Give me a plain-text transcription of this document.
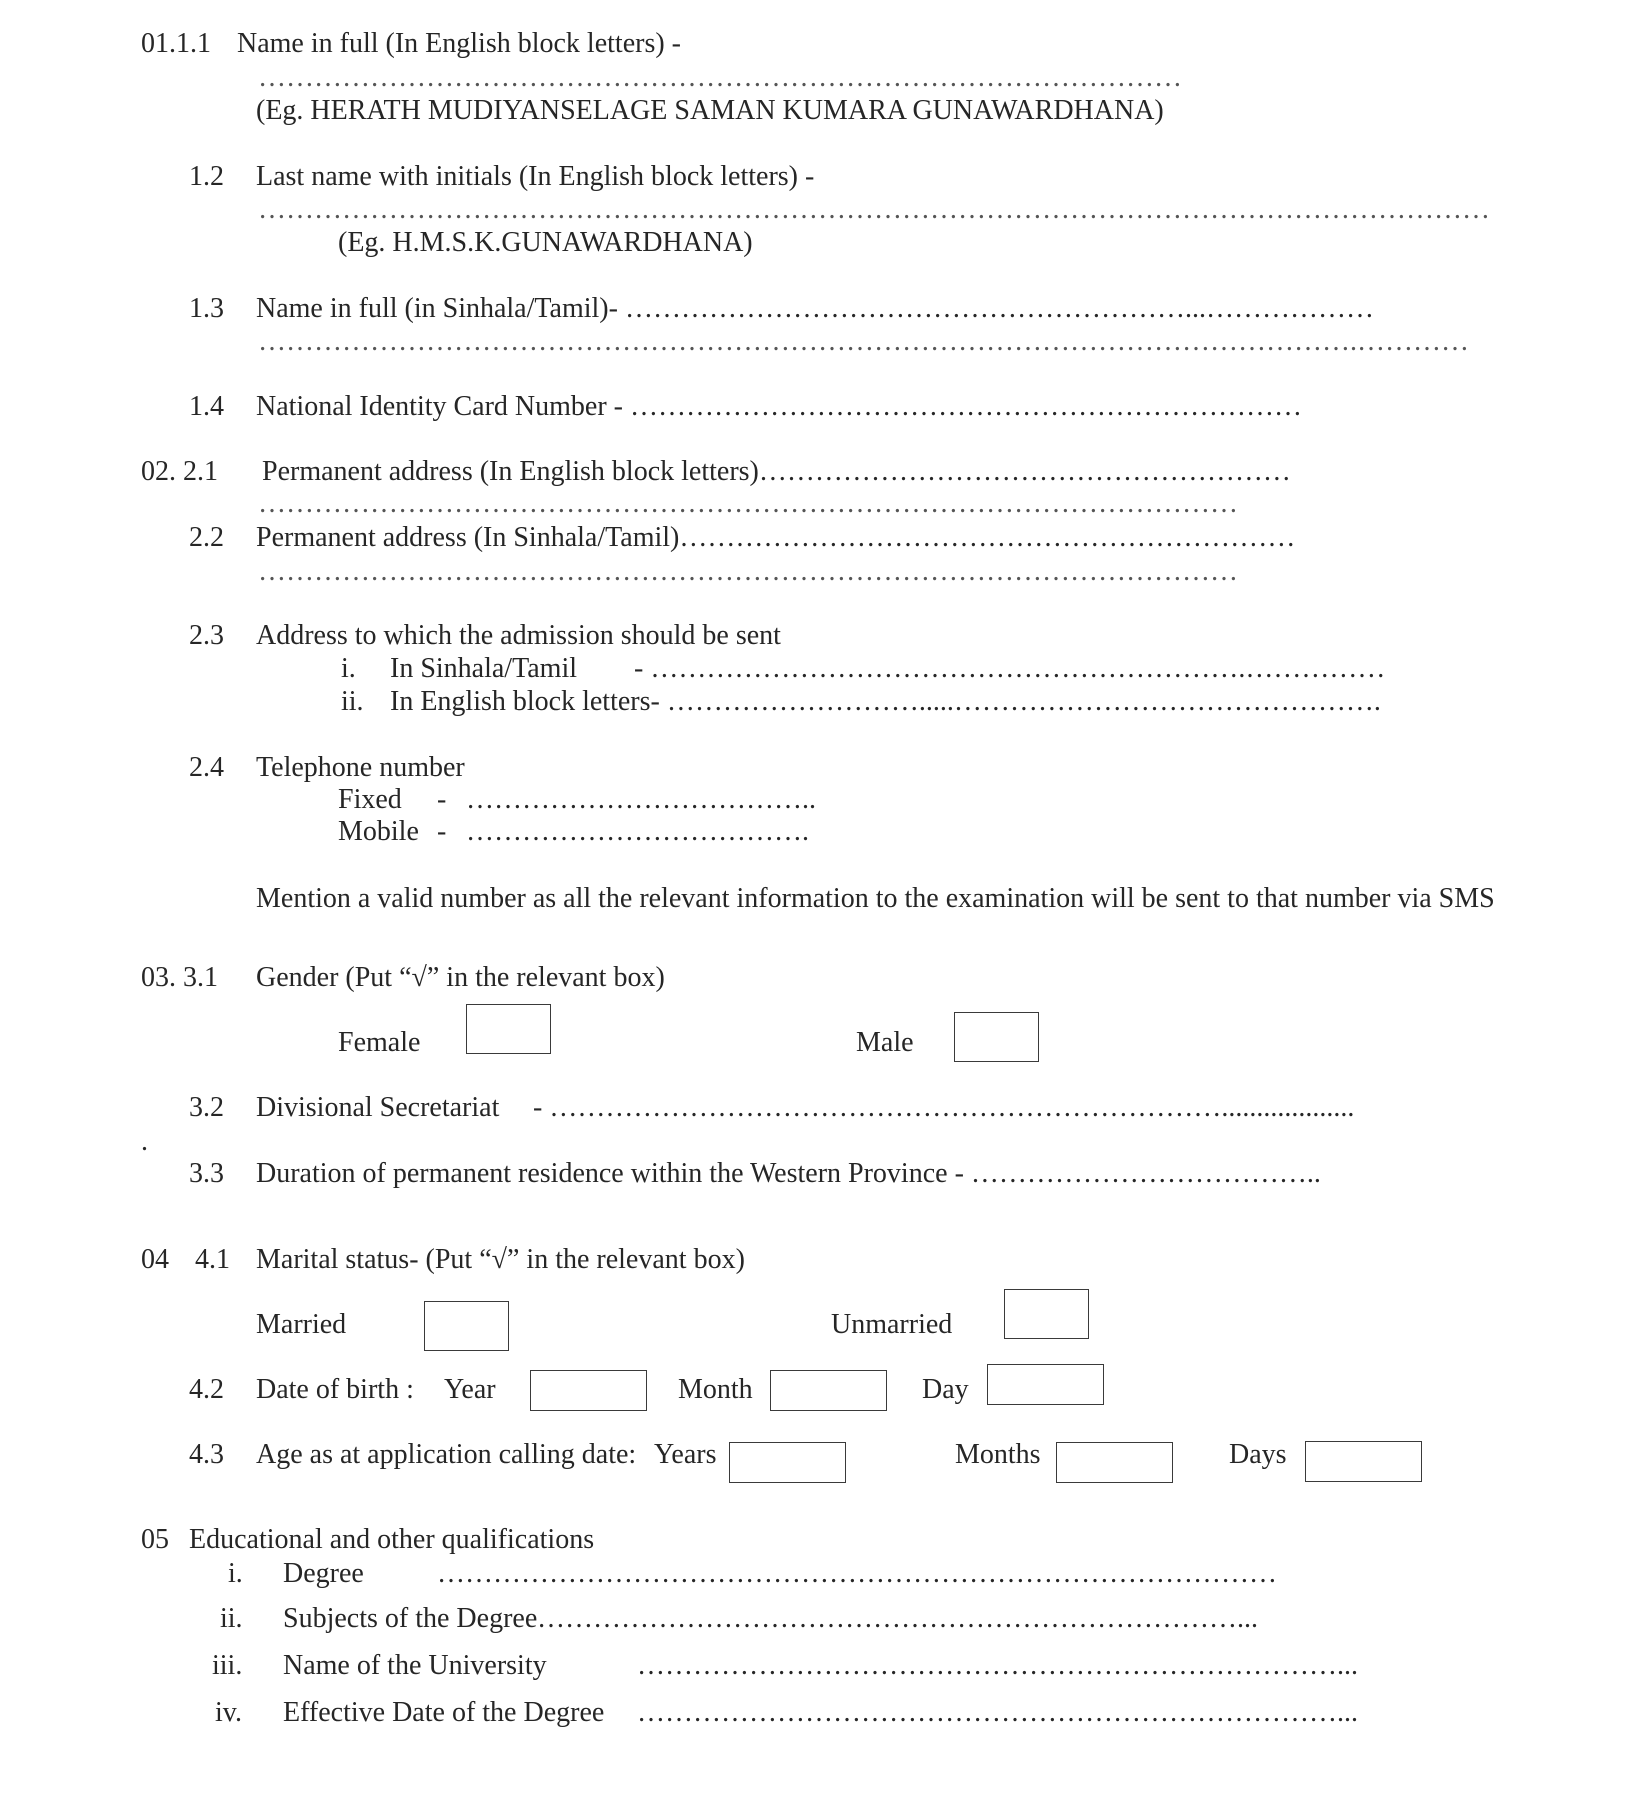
01.1.1 Name in full (In English block letters) -
………………………………………………………………………………………
(Eg. HERATH MUDIYANSELAGE SAMAN KUMARA GUNAWARDHANA)
1.2 Last name with initials (In English block letters) -
……………………………………………………………………………………………………………………
(Eg. H.M.S.K.GUNAWARDHANA)
1.3 Name in full (in Sinhala/Tamil)- ……………………………………………………...………………
……………………………………………………………………………………………………….…………
1.4 National Identity Card Number - ………………………………………………………………
02. 2.1 Permanent address (In English block letters)…………………………………………………
……………………………………………………………………………………………
2.2 Permanent address (In Sinhala/Tamil)…………………………………………………………
……………………………………………………………………………………………
2.3 Address to which the admission should be sent
i. In Sinhala/Tamil - ……………………………………………………….……………
ii. In English block letters- ……………………….....……………………………………….
2.4 Telephone number
Fixed - ………………………………..
Mobile - ……………………………….
Mention a valid number as all the relevant information to the examination will be sent to that number via SMS
03. 3.1 Gender (Put “√” in the relevant box)
Female	Male
3.2 Divisional Secretariat - ………………………………………………………………...................
.
3.3 Duration of permanent residence within the Western Province - ………………………………..
04 4.1 Marital status- (Put “√” in the relevant box)
Married	Unmarried
4.2 Date of birth : Year	Month	Day
4.3 Age as at application calling date: Years	Months	Days
05 Educational and other qualifications
i. Degree	………………………………………………………………………………
ii. Subjects of the Degree …………………………………………………………………...
iii. Name of the University	…………………………………………………………………...
iv. Effective Date of the Degree …………………………………………………………………...
